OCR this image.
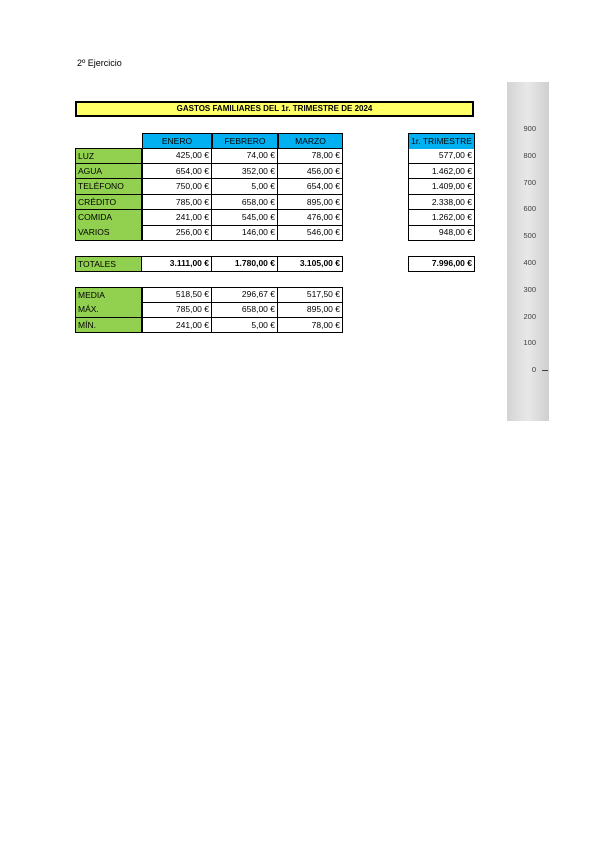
2º Ejercicio
GASTOS FAMILIARES DEL 1r. TRIMESTRE DE 2024
ENERO	FEBRERO	MARZO	1r. TRIMESTRE
LUZ	425,00 €	74,00 €	78,00 €	577,00 €
AGUA	654,00 €	352,00 €	456,00 €	1.462,00 €
TELÉFONO	750,00 €	5,00 €	654,00 €	1.409,00 €
CRÉDITO	785,00 €	658,00 €	895,00 €	2.338,00 €
COMIDA	241,00 €	545,00 €	476,00 €	1.262,00 €
VARIOS	256,00 €	146,00 €	546,00 €	948,00 €
TOTALES	3.111,00 €	1.780,00 €	3.105,00 €	7.996,00 €
MEDIA	518,50 €	296,67 €	517,50 €
MÁX.	785,00 €	658,00 €	895,00 €
MÍN.	241,00 €	5,00 €	78,00 €
900
800
700
600
500
400
300
200
100
0
